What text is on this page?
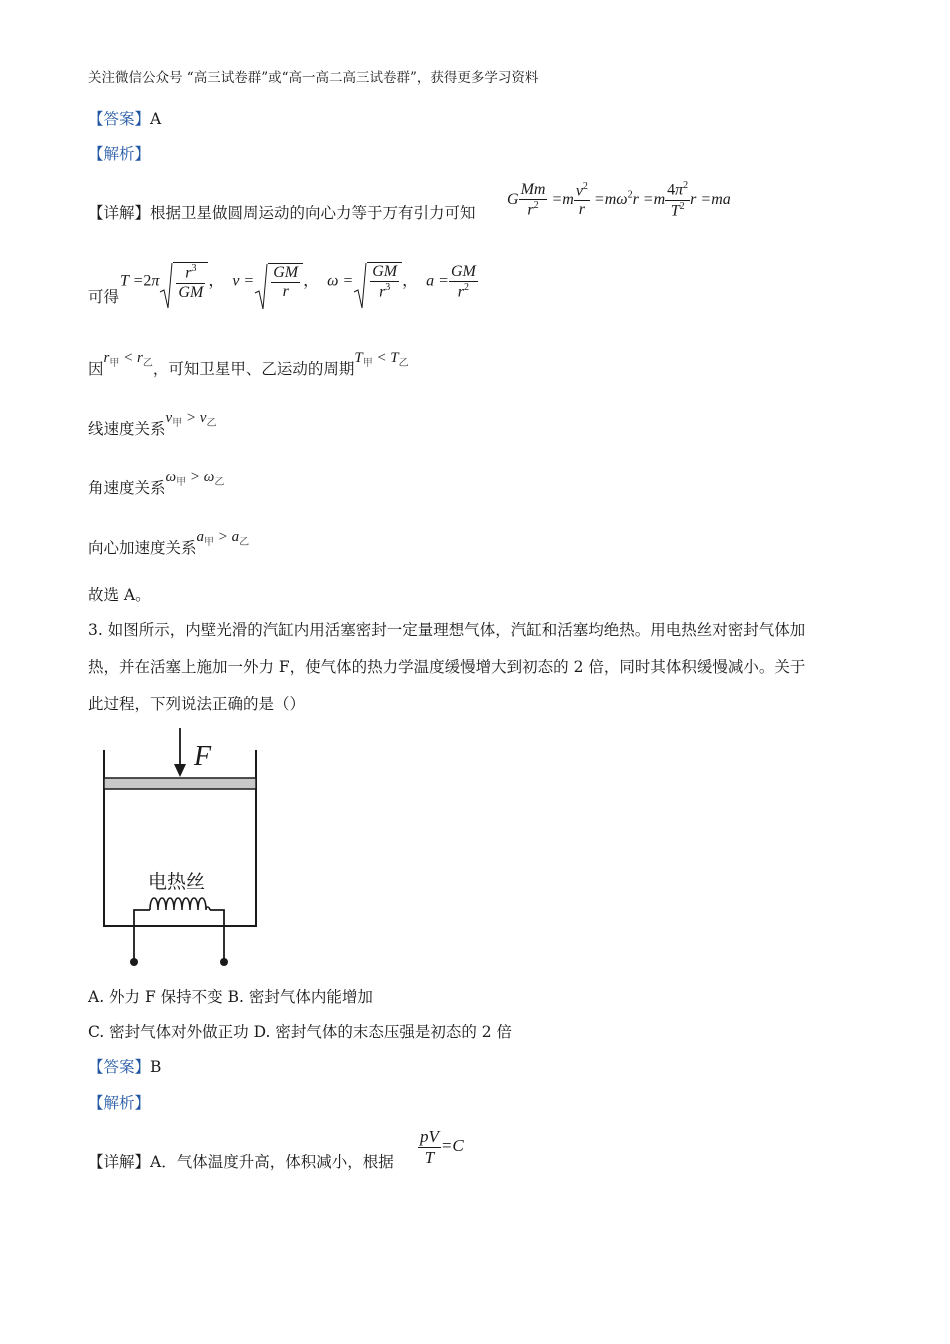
关注微信公众号 “高三试卷群”或“高一高二高三试卷群”，获得更多学习资料
【答案】A
【解析】
【详解】根据卫星做圆周运动的向心力等于万有引力可知
G $\frac{Mm}{r^2} =m \frac{v^2}{r} =m\omega^2r =m \frac{4\pi^2}{T^2}$ r =ma
可得
$T =2\pi \frac{r^3}{GM}$ ，  $v = \frac{GM}{r}$ ，  $\omega = \frac{GM}{r^3}$ ，  $a = \frac{GM}{r^2}$
因$r_甲 < r_乙$，可知卫星甲、乙运动的周期$T_甲 < T_乙$
线速度关系$v_甲 > v_乙$
角速度关系$\omega_甲 > \omega_乙$
向心加速度关系$a_甲 > a_乙$
故选 A。
3. 如图所示，内壁光滑的汽缸内用活塞密封一定量理想气体，汽缸和活塞均绝热。用电热丝对密封气体加
热，并在活塞上施加一外力 F，使气体的热力学温度缓慢增大到初态的 2 倍，同时其体积缓慢减小。关于
此过程，下列说法正确的是（）
F
电热丝
A. 外力 F 保持不变 B. 密封气体内能增加
C. 密封气体对外做正功 D. 密封气体的末态压强是初态的 2 倍
【答案】B
【解析】
【详解】A．气体温度升高，体积减小，根据 $\frac{pV}{T} =C$
